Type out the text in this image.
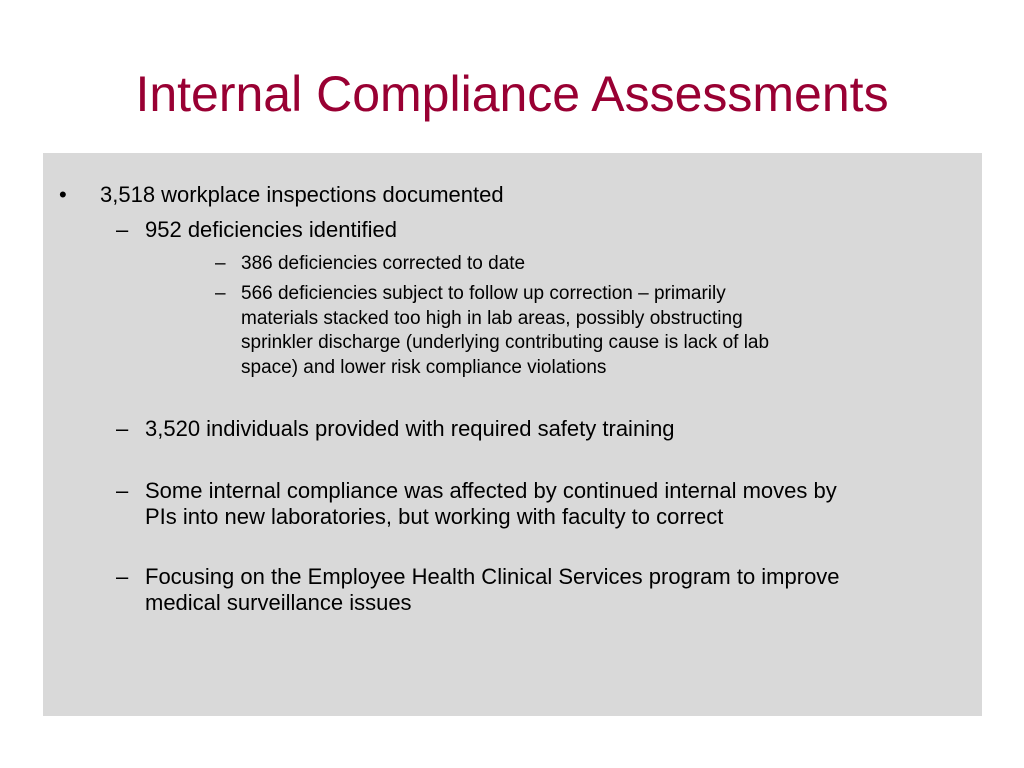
Internal Compliance Assessments
• 3,518 workplace inspections documented
– 952 deficiencies identified
– 386 deficiencies corrected to date
– 566 deficiencies subject to follow up correction – primarily
materials stacked too high in lab areas, possibly obstructing
sprinkler discharge (underlying contributing cause is lack of lab
space) and lower risk compliance violations
– 3,520 individuals provided with required safety training
– Some internal compliance was affected by continued internal moves by
PIs into new laboratories, but working with faculty to correct
– Focusing on the Employee Health Clinical Services program to improve
medical surveillance issues
